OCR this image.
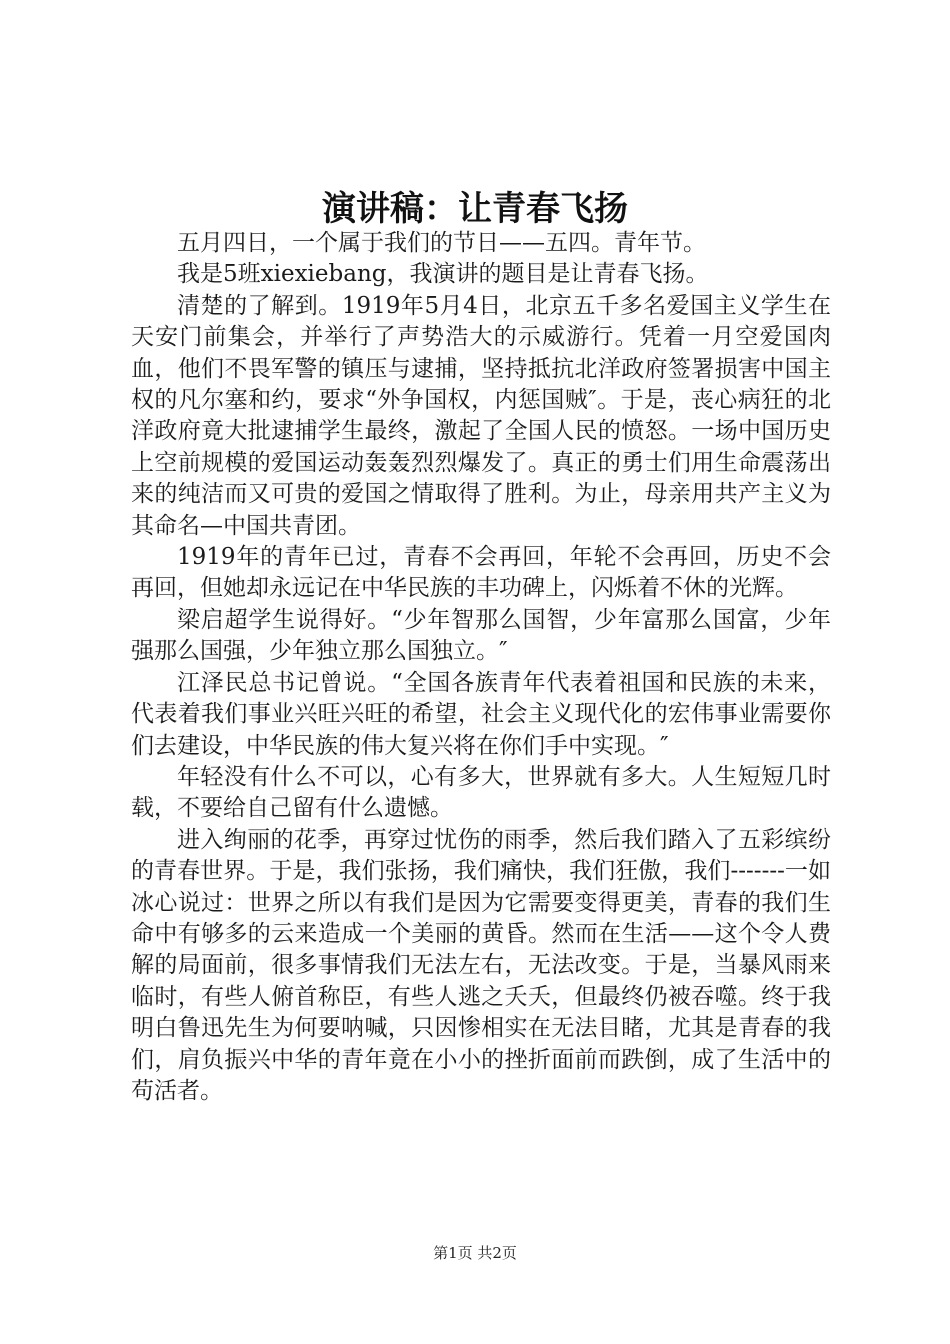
演讲稿：让青春飞扬

五月四日，一个属于我们的节日——五四。青年节。

我是5班xiexiebang，我演讲的题目是让青春飞扬。

清楚的了解到。1919年5月4日，北京五千多名爱国主义学生在天安门前集会，并举行了声势浩大的示威游行。凭着一月空爱国肉血，他们不畏军警的镇压与逮捕，坚持抵抗北洋政府签署损害中国主权的凡尔塞和约，要求“外争国权，内惩国贼″。于是，丧心病狂的北洋政府竟大批逮捕学生最终，激起了全国人民的愤怒。一场中国历史上空前规模的爱国运动轰轰烈烈爆发了。真正的勇士们用生命震荡出来的纯洁而又可贵的爱国之情取得了胜利。为止，母亲用共产主义为其命名—中国共青团。

1919年的青年已过，青春不会再回，年轮不会再回，历史不会再回，但她却永远记在中华民族的丰功碑上，闪烁着不休的光辉。

梁启超学生说得好。“少年智那么国智，少年富那么国富，少年强那么国强，少年独立那么国独立。″

江泽民总书记曾说。“全国各族青年代表着祖国和民族的未来，代表着我们事业兴旺兴旺的希望，社会主义现代化的宏伟事业需要你们去建设，中华民族的伟大复兴将在你们手中实现。″

年轻没有什么不可以，心有多大，世界就有多大。人生短短几时载，不要给自己留有什么遗憾。

进入绚丽的花季，再穿过忧伤的雨季，然后我们踏入了五彩缤纷的青春世界。于是，我们张扬，我们痛快，我们狂傲，我们-------一如冰心说过：世界之所以有我们是因为它需要变得更美，青春的我们生命中有够多的云来造成一个美丽的黄昏。然而在生活——这个令人费解的局面前，很多事情我们无法左右，无法改变。于是，当暴风雨来临时，有些人俯首称臣，有些人逃之夭夭，但最终仍被吞噬。终于我明白鲁迅先生为何要呐喊，只因惨相实在无法目睹，尤其是青春的我们，肩负振兴中华的青年竟在小小的挫折面前而跌倒，成了生活中的苟活者。

第1页 共2页
